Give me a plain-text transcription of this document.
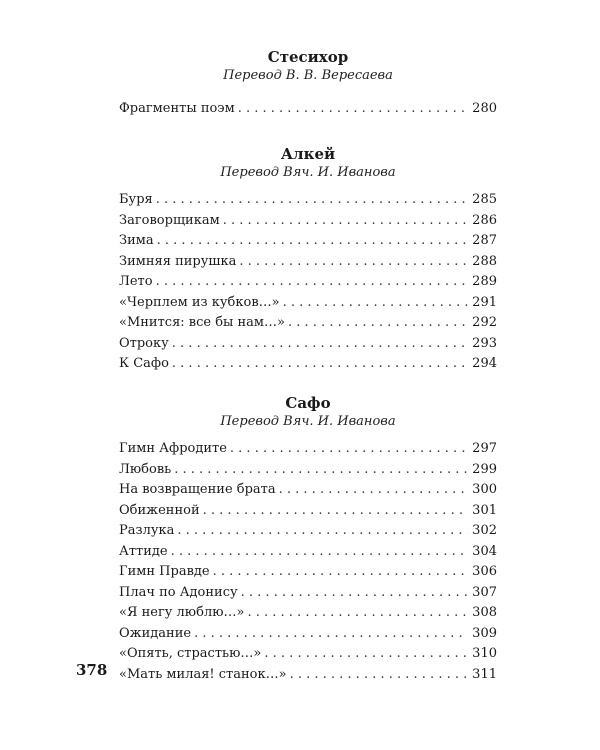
Стесихор
Перевод В. В. Вересаева
Фрагменты поэм . . .	280
Алкей
Перевод Вяч. И. Иванова
Буря . . .	285
Заговорщикам . . .	286
Зима . . .	287
Зимняя пирушка . . .	288
Лето . . .	289
«Черплем из кубков…» . . .	291
«Мнится: все бы нам…» . . .	292
Отроку . . .	293
К Сафо . . .	294
Сафо
Перевод Вяч. И. Иванова
Гимн Афродите . . .	297
Любовь . . .	299
На возвращение брата . . .	300
Обиженной . . .	301
Разлука . . .	302
Аттиде . . .	304
Гимн Правде . . .	306
Плач по Адонису . . .	307
«Я негу люблю…» . . .	308
Ожидание . . .	309
«Опять, страстью…» . . .	310
«Мать милая! станок…» . . .	311
378
